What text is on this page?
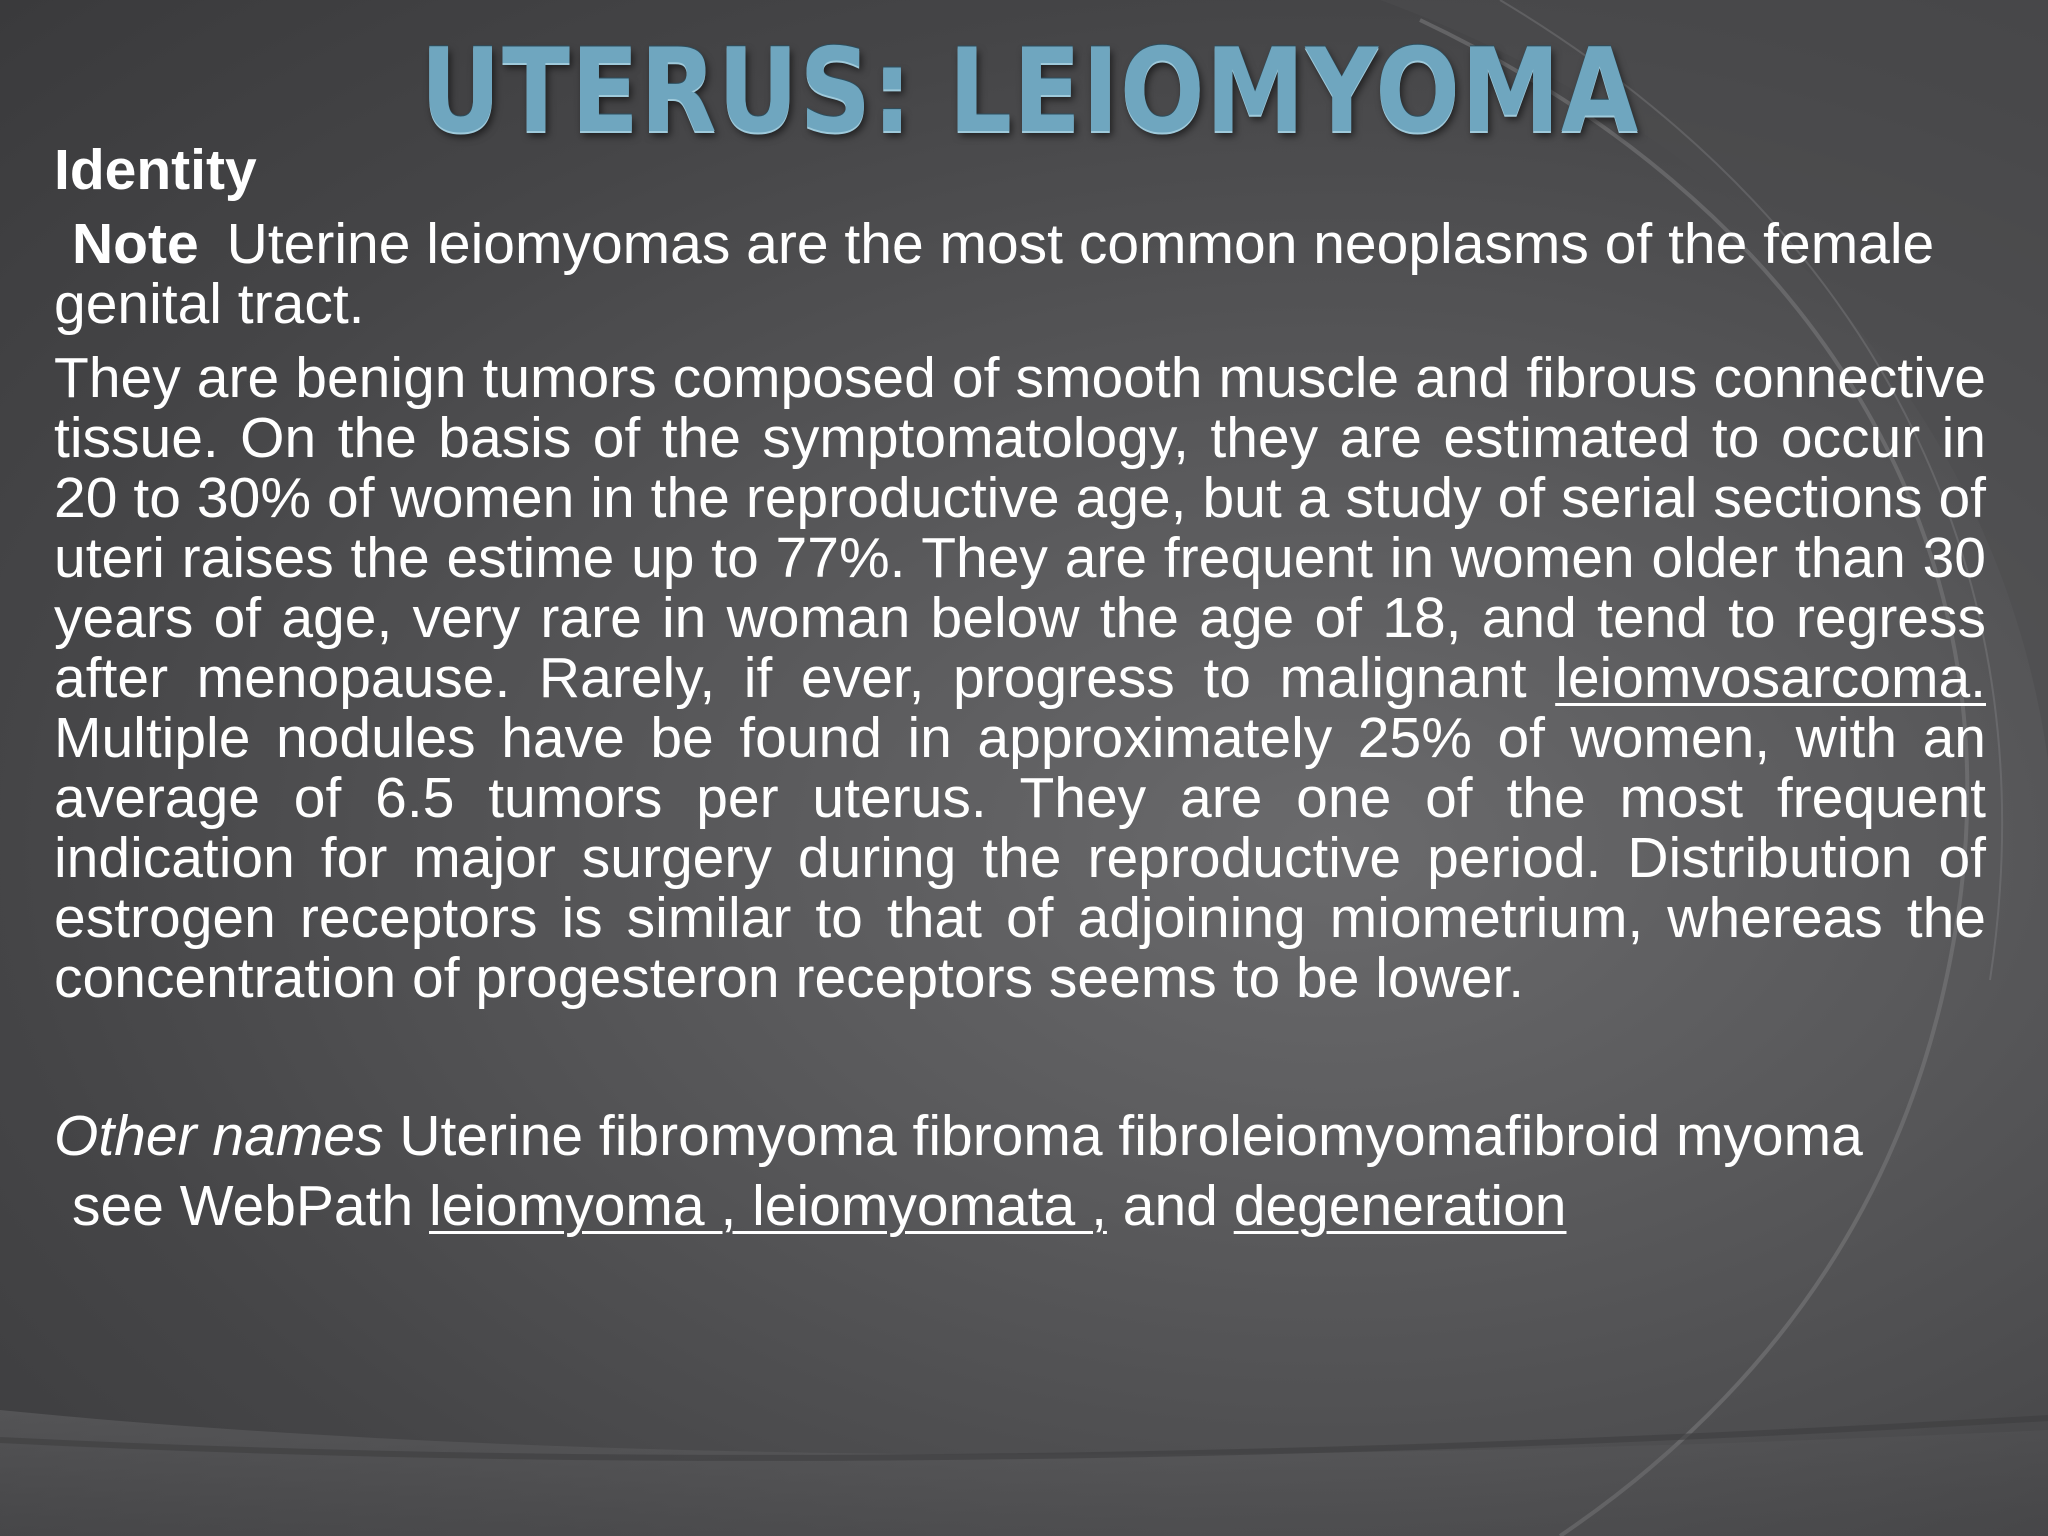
UTERUS: LEIOMYOMA

Identity

Note Uterine leiomyomas are the most common neoplasms of the female genital tract.

They are benign tumors composed of smooth muscle and fibrous connective tissue. On the basis of the symptomatology, they are estimated to occur in 20 to 30% of women in the reproductive age, but a study of serial sections of uteri raises the estime up to 77%. They are frequent in women older than 30 years of age, very rare in woman below the age of 18, and tend to regress after menopause. Rarely, if ever, progress to malignant leiomvosarcoma. Multiple nodules have be found in approximately 25% of women, with an average of 6.5 tumors per uterus. They are one of the most frequent indication for major surgery during the reproductive period. Distribution of estrogen receptors is similar to that of adjoining miometrium, whereas the concentration of progesteron receptors seems to be lower.

Other names Uterine fibromyoma fibroma fibroleiomyomafibroid myoma

see WebPath leiomyoma , leiomyomata , and degeneration
